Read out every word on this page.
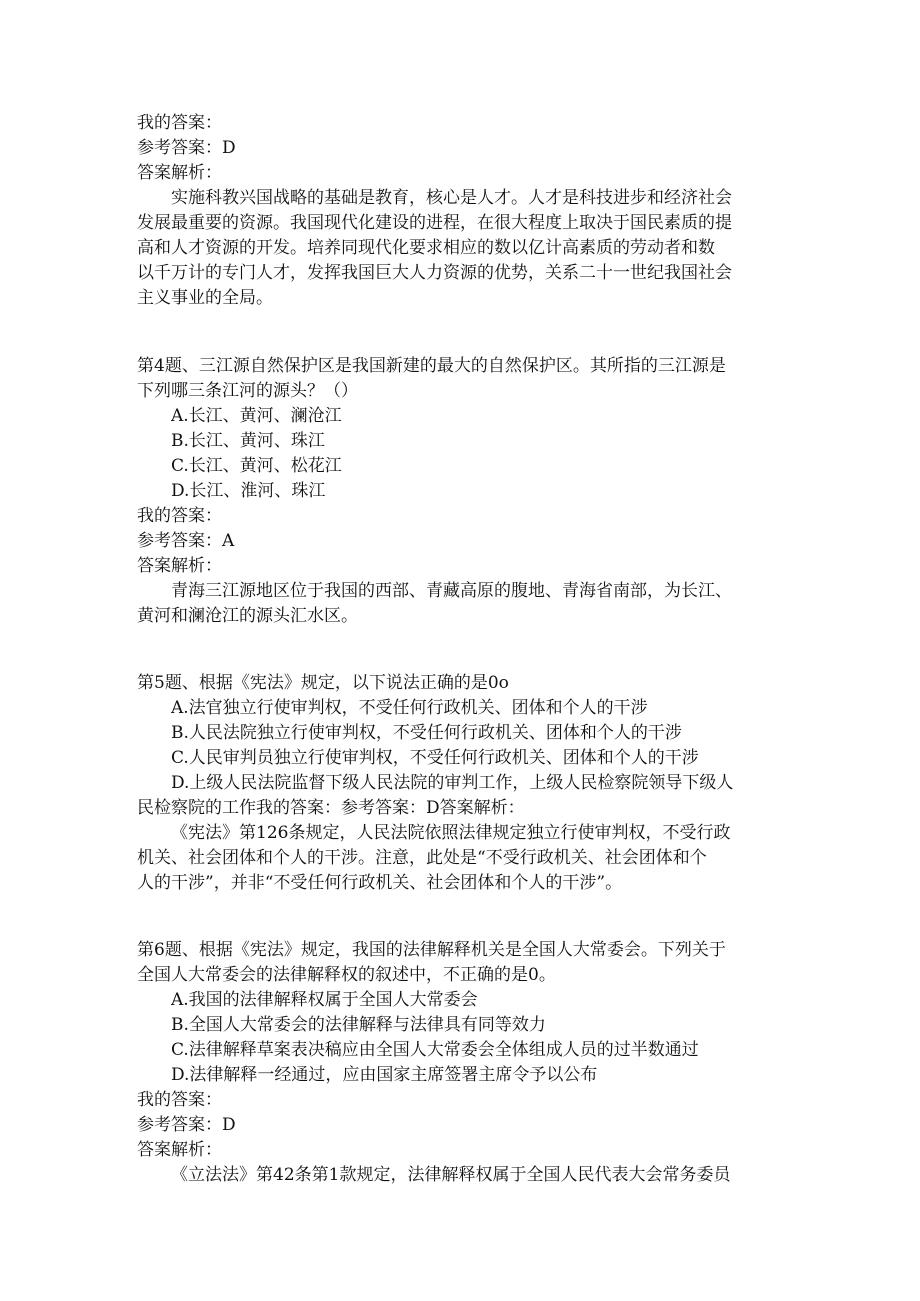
我的答案：
参考答案：D
答案解析：
实施科教兴国战略的基础是教育，核心是人才。人才是科技进步和经济社会
发展最重要的资源。我国现代化建设的进程，在很大程度上取决于国民素质的提
高和人才资源的开发。培养同现代化要求相应的数以亿计高素质的劳动者和数
以千万计的专门人才，发挥我国巨大人力资源的优势，关系二十一世纪我国社会
主义事业的全局。
第4题、三江源自然保护区是我国新建的最大的自然保护区。其所指的三江源是
下列哪三条江河的源头？（）
A.长江、黄河、澜沧江
B.长江、黄河、珠江
C.长江、黄河、松花江
D.长江、淮河、珠江
我的答案：
参考答案：A
答案解析：
青海三江源地区位于我国的西部、青藏高原的腹地、青海省南部，为长江、
黄河和澜沧江的源头汇水区。
第5题、根据《宪法》规定，以下说法正确的是0o
A.法官独立行使审判权，不受任何行政机关、团体和个人的干涉
B.人民法院独立行使审判权，不受任何行政机关、团体和个人的干涉
C.人民审判员独立行使审判权，不受任何行政机关、团体和个人的干涉
D.上级人民法院监督下级人民法院的审判工作，上级人民检察院领导下级人
民检察院的工作我的答案：参考答案：D答案解析：
《宪法》第126条规定，人民法院依照法律规定独立行使审判权，不受行政
机关、社会团体和个人的干涉。注意，此处是“不受行政机关、社会团体和个
人的干涉”，并非“不受任何行政机关、社会团体和个人的干涉”。
第6题、根据《宪法》规定，我国的法律解释机关是全国人大常委会。下列关于
全国人大常委会的法律解释权的叙述中，不正确的是0。
A.我国的法律解释权属于全国人大常委会
B.全国人大常委会的法律解释与法律具有同等效力
C.法律解释草案表决稿应由全国人大常委会全体组成人员的过半数通过
D.法律解释一经通过，应由国家主席签署主席令予以公布
我的答案：
参考答案：D
答案解析：
《立法法》第42条第1款规定，法律解释权属于全国人民代表大会常务委员
